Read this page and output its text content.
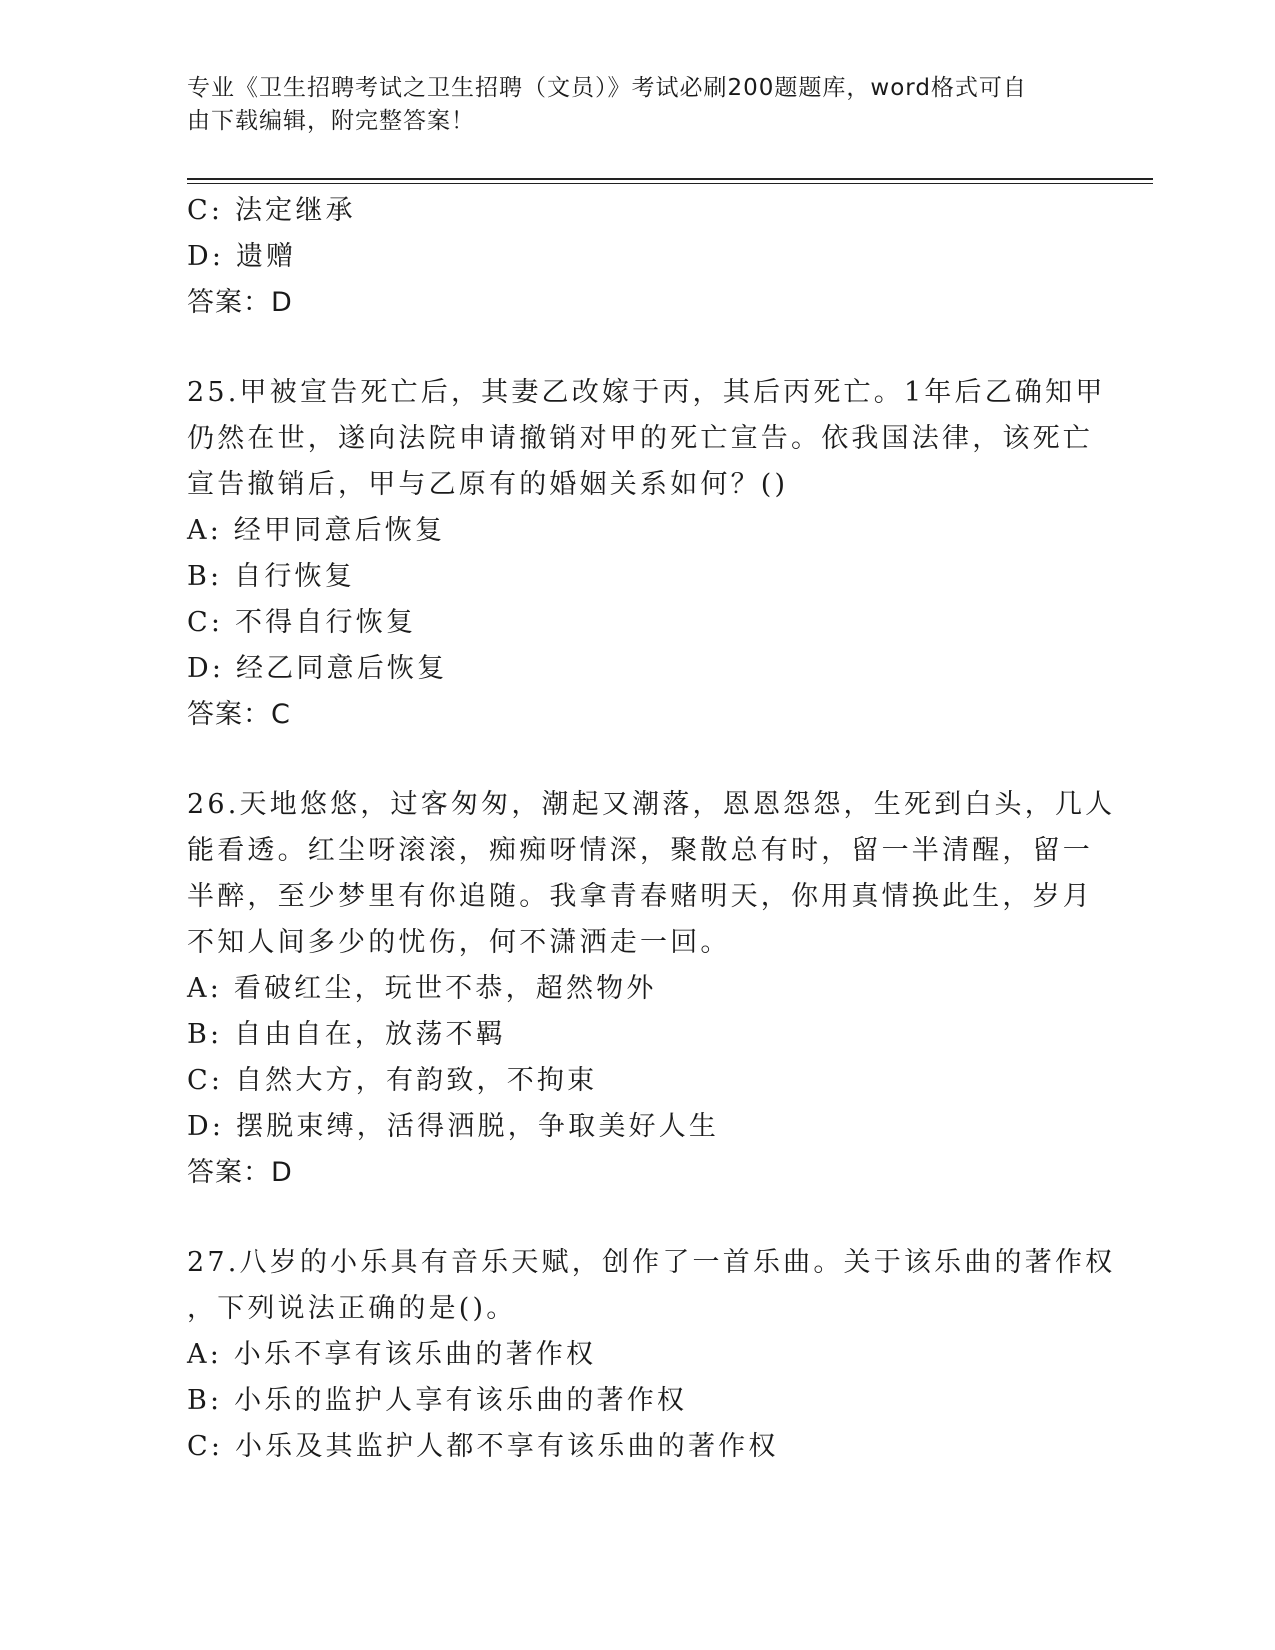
专业《卫生招聘考试之卫生招聘（文员）》考试必刷200题题库，word格式可自
由下载编辑，附完整答案！
C: 法定继承
D: 遗赠
答案：D
25.甲被宣告死亡后，其妻乙改嫁于丙，其后丙死亡。1年后乙确知甲
仍然在世，遂向法院申请撤销对甲的死亡宣告。依我国法律，该死亡
宣告撤销后，甲与乙原有的婚姻关系如何？()
A: 经甲同意后恢复
B: 自行恢复
C: 不得自行恢复
D: 经乙同意后恢复
答案：C
26.天地悠悠，过客匆匆，潮起又潮落，恩恩怨怨，生死到白头，几人
能看透。红尘呀滚滚，痴痴呀情深，聚散总有时，留一半清醒，留一
半醉，至少梦里有你追随。我拿青春赌明天，你用真情换此生，岁月
不知人间多少的忧伤，何不潇洒走一回。
A: 看破红尘，玩世不恭，超然物外
B: 自由自在，放荡不羁
C: 自然大方，有韵致，不拘束
D: 摆脱束缚，活得洒脱，争取美好人生
答案：D
27.八岁的小乐具有音乐天赋，创作了一首乐曲。关于该乐曲的著作权
，下列说法正确的是()。
A: 小乐不享有该乐曲的著作权
B: 小乐的监护人享有该乐曲的著作权
C: 小乐及其监护人都不享有该乐曲的著作权
